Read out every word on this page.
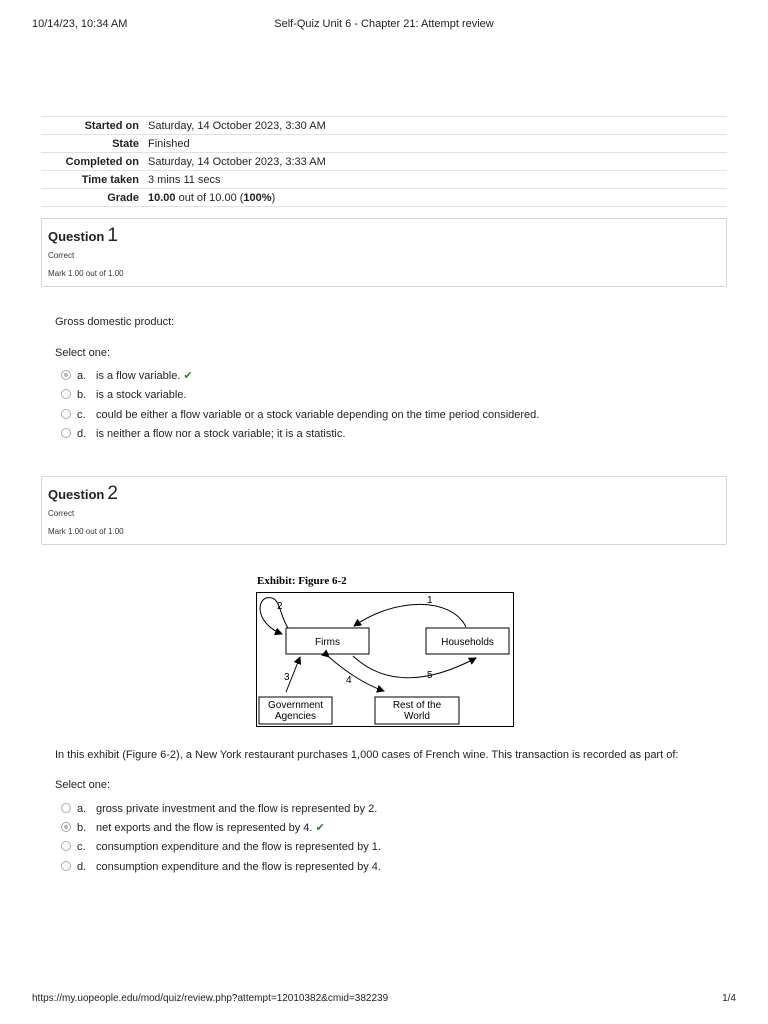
10/14/23, 10:34 AM	Self-Quiz Unit 6 - Chapter 21: Attempt review
Started on	Saturday, 14 October 2023, 3:30 AM
State	Finished
Completed on	Saturday, 14 October 2023, 3:33 AM
Time taken	3 mins 11 secs
Grade	10.00 out of 10.00 (100%)
Question 1
Correct
Mark 1.00 out of 1.00
Gross domestic product:
Select one:
a. is a flow variable. ✔
b. is a stock variable.
c. could be either a flow variable or a stock variable depending on the time period considered.
d. is neither a flow nor a stock variable; it is a statistic.
Question 2
Correct
Mark 1.00 out of 1.00
Exhibit: Figure 6-2
Firms	Households
Government
Agencies
Rest of the
World
1
2
3	4	5
In this exhibit (Figure 6-2), a New York restaurant purchases 1,000 cases of French wine. This transaction is recorded as part of:
Select one:
a. gross private investment and the flow is represented by 2.
b. net exports and the flow is represented by 4. ✔
c. consumption expenditure and the flow is represented by 1.
d. consumption expenditure and the flow is represented by 4.
https://my.uopeople.edu/mod/quiz/review.php?attempt=12010382&cmid=382239	1/4
